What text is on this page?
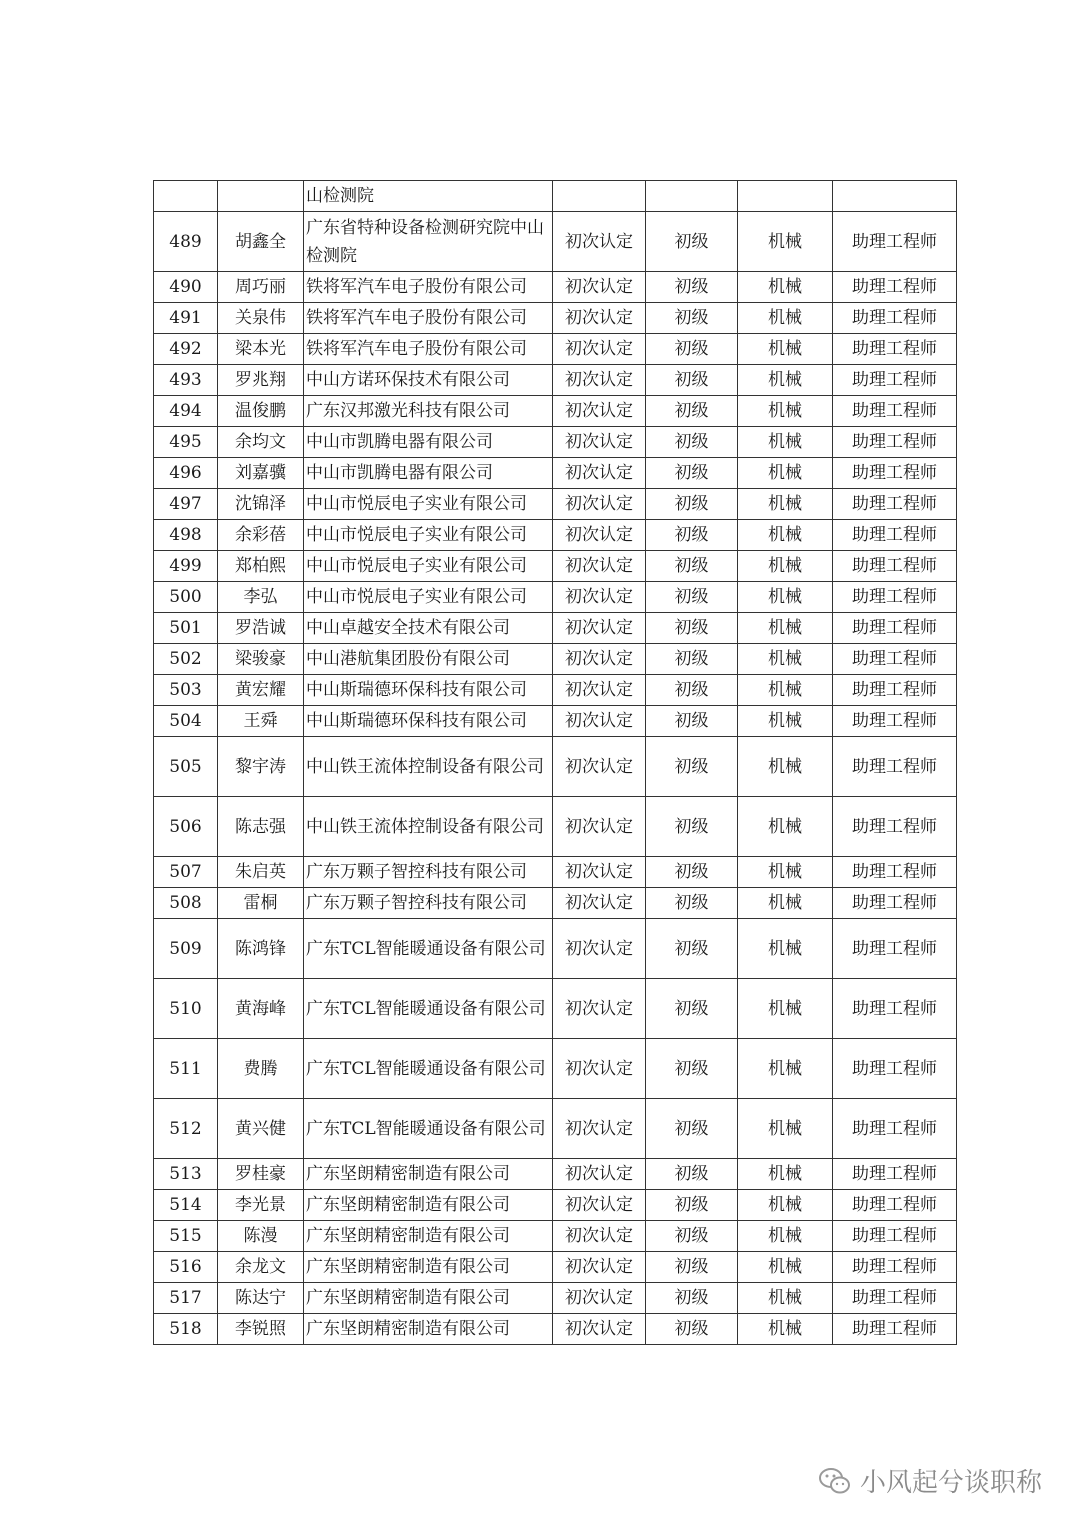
		山检测院				
489	胡鑫全	广东省特种设备检测研究院中山检测院	初次认定	初级	机械	助理工程师
490	周巧丽	铁将军汽车电子股份有限公司	初次认定	初级	机械	助理工程师
491	关泉伟	铁将军汽车电子股份有限公司	初次认定	初级	机械	助理工程师
492	梁本光	铁将军汽车电子股份有限公司	初次认定	初级	机械	助理工程师
493	罗兆翔	中山方诺环保技术有限公司	初次认定	初级	机械	助理工程师
494	温俊鹏	广东汉邦激光科技有限公司	初次认定	初级	机械	助理工程师
495	余均文	中山市凯腾电器有限公司	初次认定	初级	机械	助理工程师
496	刘嘉骥	中山市凯腾电器有限公司	初次认定	初级	机械	助理工程师
497	沈锦泽	中山市悦辰电子实业有限公司	初次认定	初级	机械	助理工程师
498	余彩蓓	中山市悦辰电子实业有限公司	初次认定	初级	机械	助理工程师
499	郑柏熙	中山市悦辰电子实业有限公司	初次认定	初级	机械	助理工程师
500	李弘	中山市悦辰电子实业有限公司	初次认定	初级	机械	助理工程师
501	罗浩诚	中山卓越安全技术有限公司	初次认定	初级	机械	助理工程师
502	梁骏豪	中山港航集团股份有限公司	初次认定	初级	机械	助理工程师
503	黄宏耀	中山斯瑞德环保科技有限公司	初次认定	初级	机械	助理工程师
504	王舜	中山斯瑞德环保科技有限公司	初次认定	初级	机械	助理工程师
505	黎宇涛	中山铁王流体控制设备有限公司	初次认定	初级	机械	助理工程师
506	陈志强	中山铁王流体控制设备有限公司	初次认定	初级	机械	助理工程师
507	朱启英	广东万颗子智控科技有限公司	初次认定	初级	机械	助理工程师
508	雷桐	广东万颗子智控科技有限公司	初次认定	初级	机械	助理工程师
509	陈鸿锋	广东TCL智能暖通设备有限公司	初次认定	初级	机械	助理工程师
510	黄海峰	广东TCL智能暖通设备有限公司	初次认定	初级	机械	助理工程师
511	费腾	广东TCL智能暖通设备有限公司	初次认定	初级	机械	助理工程师
512	黄兴健	广东TCL智能暖通设备有限公司	初次认定	初级	机械	助理工程师
513	罗桂豪	广东坚朗精密制造有限公司	初次认定	初级	机械	助理工程师
514	李光景	广东坚朗精密制造有限公司	初次认定	初级	机械	助理工程师
515	陈漫	广东坚朗精密制造有限公司	初次认定	初级	机械	助理工程师
516	余龙文	广东坚朗精密制造有限公司	初次认定	初级	机械	助理工程师
517	陈达宁	广东坚朗精密制造有限公司	初次认定	初级	机械	助理工程师
518	李锐照	广东坚朗精密制造有限公司	初次认定	初级	机械	助理工程师
小风起兮谈职称
